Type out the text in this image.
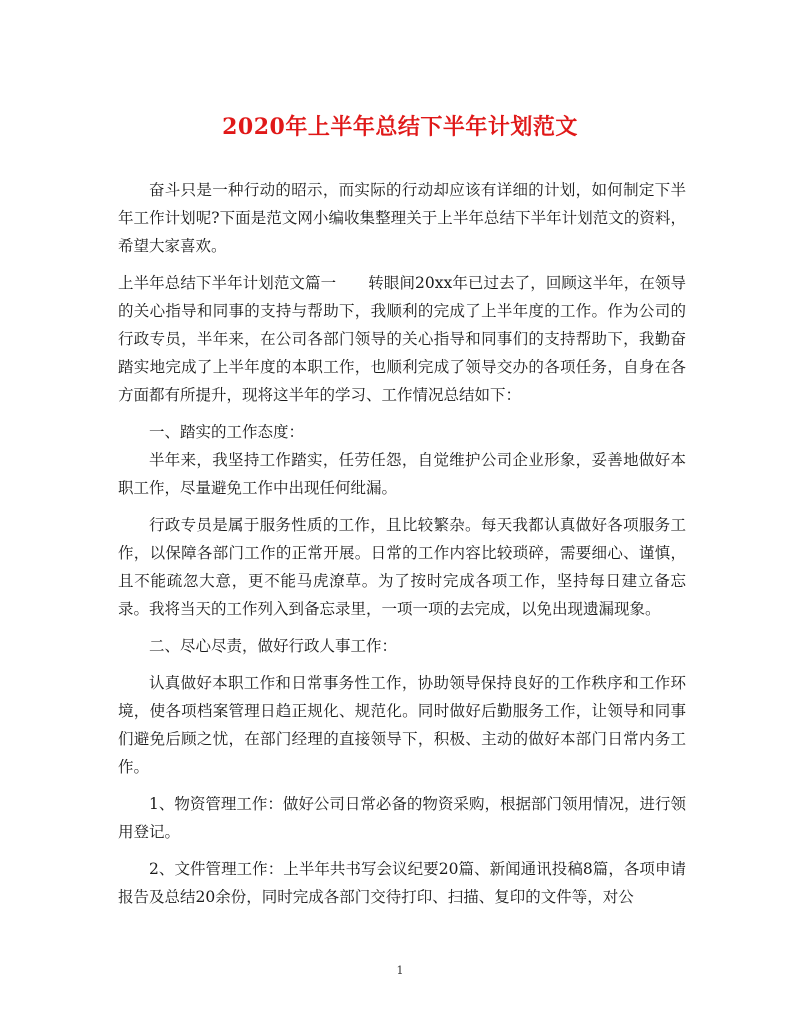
2020年上半年总结下半年计划范文

奋斗只是一种行动的昭示，而实际的行动却应该有详细的计划，如何制定下半年工作计划呢?下面是范文网小编收集整理关于上半年总结下半年计划范文的资料，希望大家喜欢。

上半年总结下半年计划范文篇一 转眼间20xx年已过去了，回顾这半年，在领导的关心指导和同事的支持与帮助下，我顺利的完成了上半年度的工作。作为公司的行政专员，半年来，在公司各部门领导的关心指导和同事们的支持帮助下，我勤奋踏实地完成了上半年度的本职工作，也顺利完成了领导交办的各项任务，自身在各方面都有所提升，现将这半年的学习、工作情况总结如下：

一、踏实的工作态度：

半年来，我坚持工作踏实，任劳任怨，自觉维护公司企业形象，妥善地做好本职工作，尽量避免工作中出现任何纰漏。

行政专员是属于服务性质的工作，且比较繁杂。每天我都认真做好各项服务工作，以保障各部门工作的正常开展。日常的工作内容比较琐碎，需要细心、谨慎，且不能疏忽大意，更不能马虎潦草。为了按时完成各项工作，坚持每日建立备忘录。我将当天的工作列入到备忘录里，一项一项的去完成，以免出现遗漏现象。

二、尽心尽责，做好行政人事工作：

认真做好本职工作和日常事务性工作，协助领导保持良好的工作秩序和工作环境，使各项档案管理日趋正规化、规范化。同时做好后勤服务工作，让领导和同事们避免后顾之忧，在部门经理的直接领导下，积极、主动的做好本部门日常内务工作。

1、物资管理工作：做好公司日常必备的物资采购，根据部门领用情况，进行领用登记。

2、文件管理工作：上半年共书写会议纪要20篇、新闻通讯投稿8篇，各项申请报告及总结20余份，同时完成各部门交待打印、扫描、复印的文件等，对公

1
